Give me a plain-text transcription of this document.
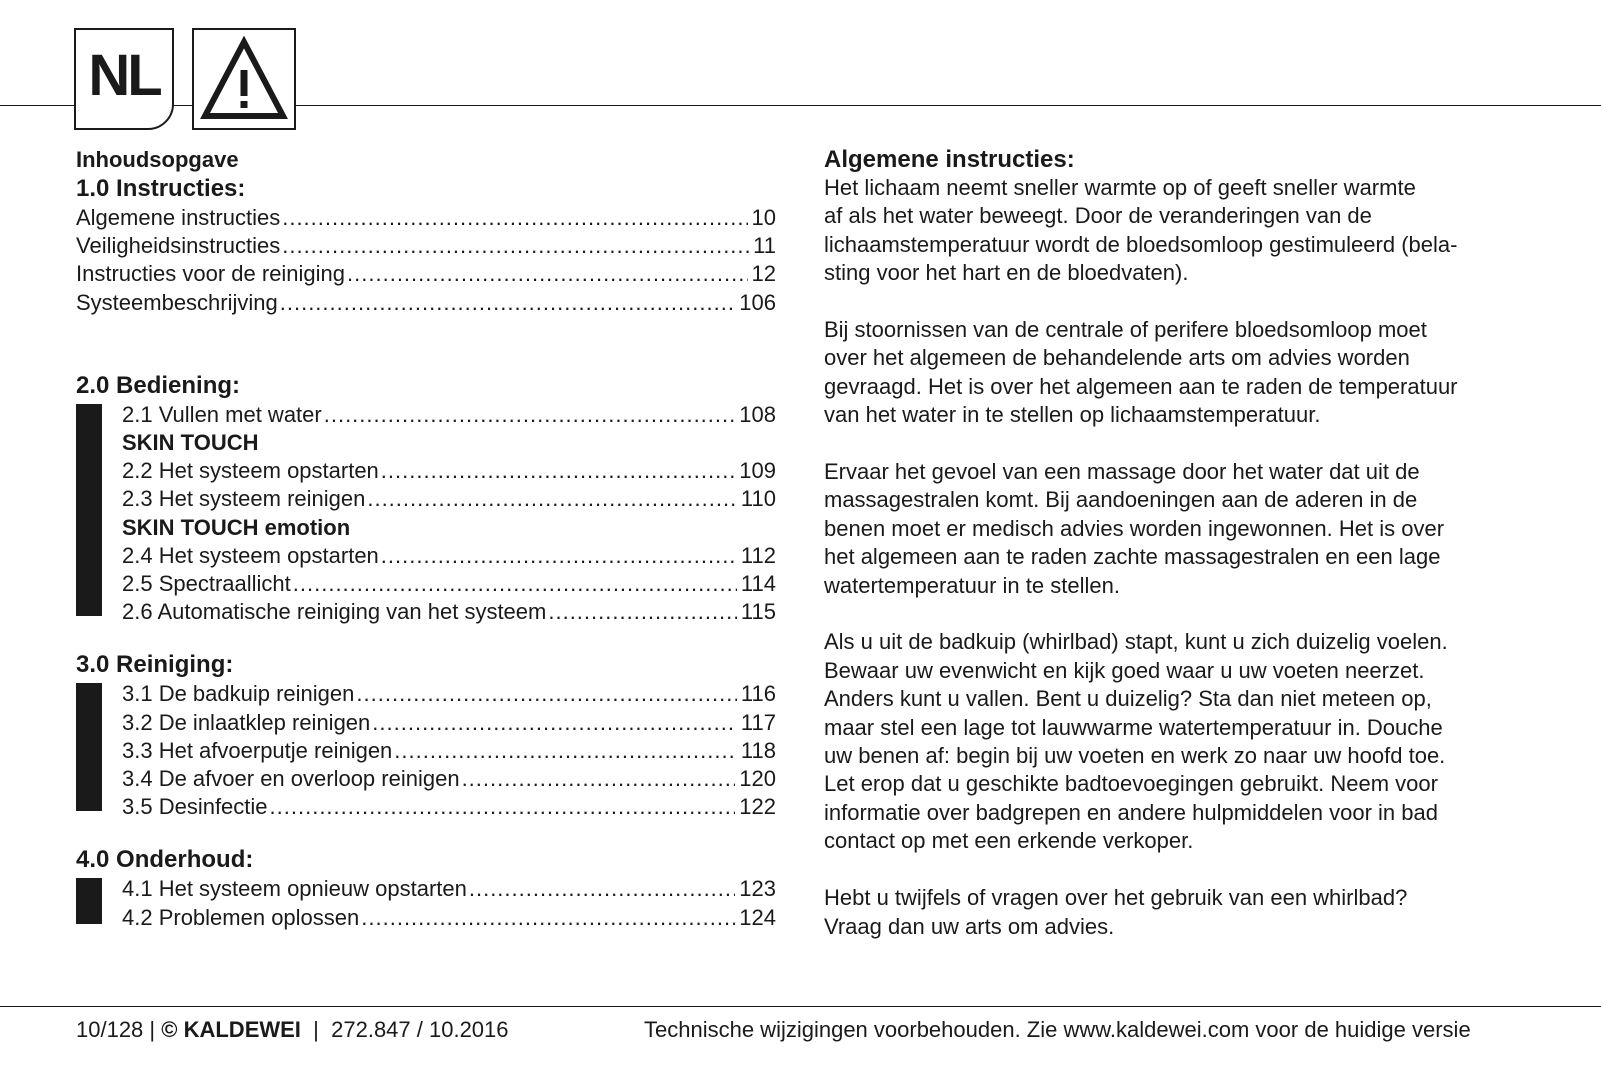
NL
Inhoudsopgave
1.0 Instructies:
Algemene instructies .....	10
Veiligheidsinstructies .....	11
Instructies voor de reiniging .....	12
Systeembeschrijving .....	106
2.0 Bediening:
2.1 Vullen met water .....	108
SKIN TOUCH
2.2 Het systeem opstarten .....	109
2.3 Het systeem reinigen .....	110
SKIN TOUCH emotion
2.4 Het systeem opstarten .....	112
2.5 Spectraallicht .....	114
2.6 Automatische reiniging van het systeem .....	115
3.0 Reiniging:
3.1 De badkuip reinigen .....	116
3.2 De inlaatklep reinigen .....	117
3.3 Het afvoerputje reinigen .....	118
3.4 De afvoer en overloop reinigen .....	120
3.5 Desinfectie .....	122
4.0 Onderhoud:
4.1 Het systeem opnieuw opstarten .....	123
4.2 Problemen oplossen .....	124
Algemene instructies:

Het lichaam neemt sneller warmte op of geeft sneller warmte
af als het water beweegt. Door de veranderingen van de
lichaamstemperatuur wordt de bloedsomloop gestimuleerd (bela-
sting voor het hart en de bloedvaten).

Bij stoornissen van de centrale of perifere bloedsomloop moet
over het algemeen de behandelende arts om advies worden
gevraagd. Het is over het algemeen aan te raden de temperatuur
van het water in te stellen op lichaamstemperatuur.

Ervaar het gevoel van een massage door het water dat uit de
massagestralen komt. Bij aandoeningen aan de aderen in de
benen moet er medisch advies worden ingewonnen. Het is over
het algemeen aan te raden zachte massagestralen en een lage
watertemperatuur in te stellen.

Als u uit de badkuip (whirlbad) stapt, kunt u zich duizelig voelen.
Bewaar uw evenwicht en kijk goed waar u uw voeten neerzet.
Anders kunt u vallen. Bent u duizelig? Sta dan niet meteen op,
maar stel een lage tot lauwwarme watertemperatuur in. Douche
uw benen af: begin bij uw voeten en werk zo naar uw hoofd toe.
Let erop dat u geschikte badtoevoegingen gebruikt. Neem voor
informatie over badgrepen en andere hulpmiddelen voor in bad
contact op met een erkende verkoper.

Hebt u twijfels of vragen over het gebruik van een whirlbad?
Vraag dan uw arts om advies.

10/128 | © KALDEWEI  |  272.847 / 10.2016	Technische wijzigingen voorbehouden. Zie www.kaldewei.com voor de huidige versie
